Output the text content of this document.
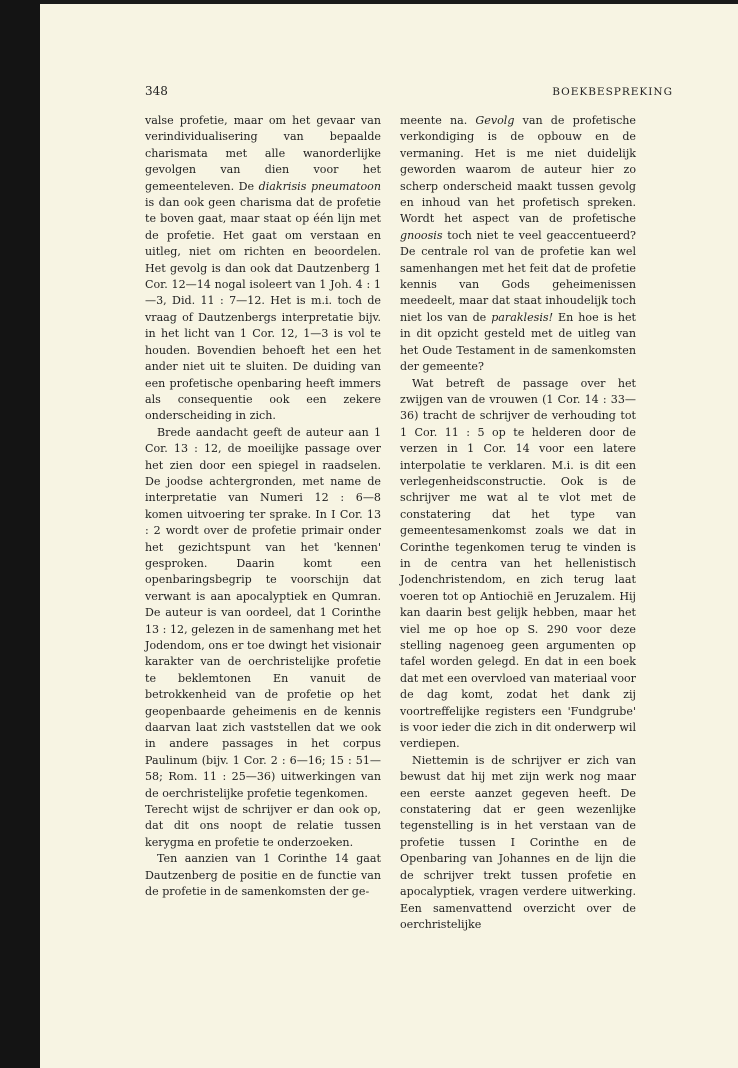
348	BOEKBESPREKING

valse profetie, maar om het gevaar van verindividualisering van bepaalde charismata met alle wanorderlijke gevolgen van dien voor het gemeenteleven. De diakrisis pneumatoon is dan ook geen charisma dat de profetie te boven gaat, maar staat op één lijn met de profetie. Het gaat om verstaan en uitleg, niet om richten en beoordelen. Het gevolg is dan ook dat Dautzenberg 1 Cor. 12—14 nogal isoleert van 1 Joh. 4 : 1—3, Did. 11 : 7—12. Het is m.i. toch de vraag of Dautzenbergs interpretatie bijv. in het licht van 1 Cor. 12, 1—3 is vol te houden. Bovendien behoeft het een het ander niet uit te sluiten. De duiding van een profetische openbaring heeft immers als consequentie ook een zekere onderscheiding in zich.

Brede aandacht geeft de auteur aan 1 Cor. 13 : 12, de moeilijke passage over het zien door een spiegel in raadselen. De joodse achtergronden, met name de interpretatie van Numeri 12 : 6—8 komen uitvoering ter sprake. In I Cor. 13 : 2 wordt over de profetie primair onder het gezichtspunt van het 'kennen' gesproken. Daarin komt een openbaringsbegrip te voorschijn dat verwant is aan apocalyptiek en Qumran. De auteur is van oordeel, dat 1 Corinthe 13 : 12, gelezen in de samenhang met het Jodendom, ons er toe dwingt het visionair karakter van de oerchristelijke profetie te beklemtonen En vanuit de betrokkenheid van de profetie op het geopenbaarde geheimenis en de kennis daarvan laat zich vaststellen dat we ook in andere passages in het corpus Paulinum (bijv. 1 Cor. 2 : 6—16; 15 : 51—58; Rom. 11 : 25—36) uitwerkingen van de oerchristelijke profetie tegenkomen.

Terecht wijst de schrijver er dan ook op, dat dit ons noopt de relatie tussen kerygma en profetie te onderzoeken.

Ten aanzien van 1 Corinthe 14 gaat Dautzenberg de positie en de functie van de profetie in de samenkomsten der ge-

meente na. Gevolg van de profetische verkondiging is de opbouw en de vermaning. Het is me niet duidelijk geworden waarom de auteur hier zo scherp onderscheid maakt tussen gevolg en inhoud van het profetisch spreken. Wordt het aspect van de profetische gnoosis toch niet te veel geaccentueerd? De centrale rol van de profetie kan wel samenhangen met het feit dat de profetie kennis van Gods geheimenissen meedeelt, maar dat staat inhoudelijk toch niet los van de paraklesis! En hoe is het in dit opzicht gesteld met de uitleg van het Oude Testament in de samenkomsten der gemeente?

Wat betreft de passage over het zwijgen van de vrouwen (1 Cor. 14 : 33—36) tracht de schrijver de verhouding tot 1 Cor. 11 : 5 op te helderen door de verzen in 1 Cor. 14 voor een latere interpolatie te verklaren. M.i. is dit een verlegenheidsconstructie. Ook is de schrijver me wat al te vlot met de constatering dat het type van gemeentesamenkomst zoals we dat in Corinthe tegenkomen terug te vinden is in de centra van het hellenistisch Jodenchristendom, en zich terug laat voeren tot op Antiochië en Jeruzalem. Hij kan daarin best gelijk hebben, maar het viel me op hoe op S. 290 voor deze stelling nagenoeg geen argumenten op tafel worden gelegd. En dat in een boek dat met een overvloed van materiaal voor de dag komt, zodat het dank zij voortreffelijke registers een 'Fundgrube' is voor ieder die zich in dit onderwerp wil verdiepen.

Niettemin is de schrijver er zich van bewust dat hij met zijn werk nog maar een eerste aanzet gegeven heeft. De constatering dat er geen wezenlijke tegenstelling is in het verstaan van de profetie tussen I Corinthe en de Openbaring van Johannes en de lijn die de schrijver trekt tussen profetie en apocalyptiek, vragen verdere uitwerking. Een samenvattend overzicht over de oerchristelijke
